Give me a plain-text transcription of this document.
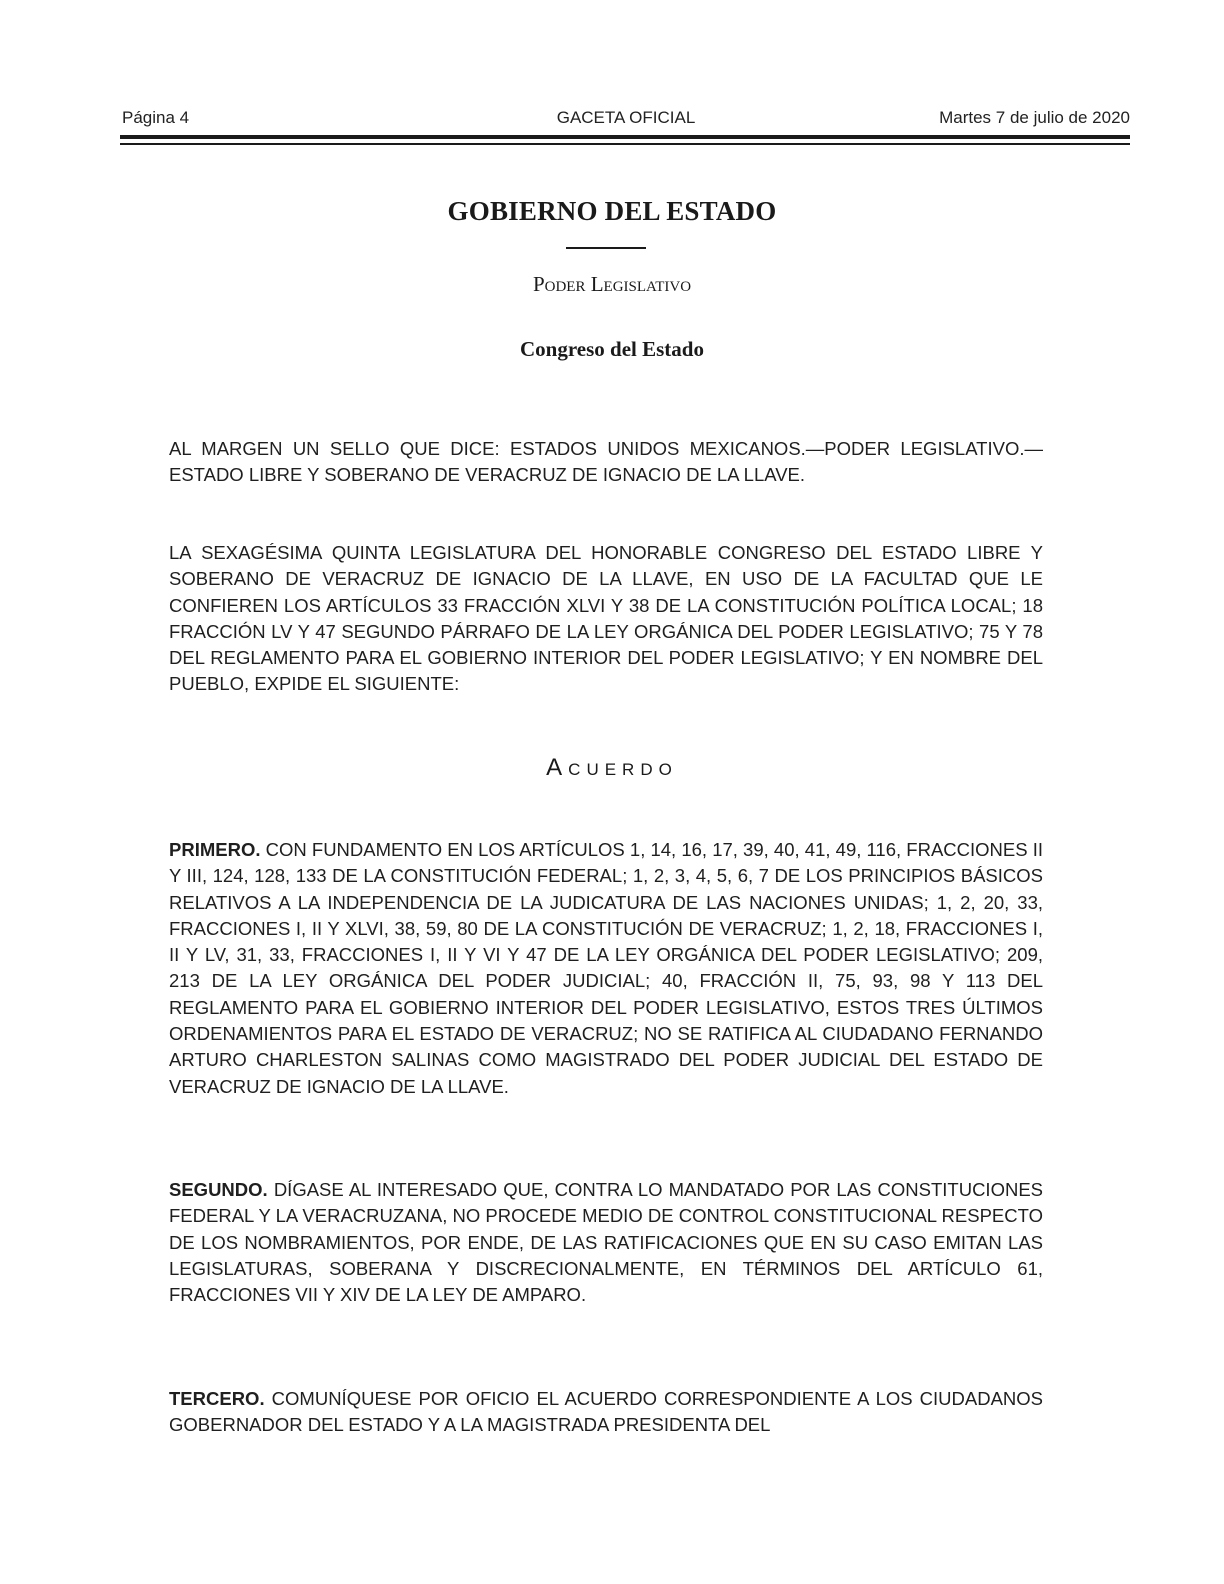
Página 4	GACETA OFICIAL	Martes 7 de julio de 2020
GOBIERNO DEL ESTADO
Poder Legislativo
Congreso del Estado
AL MARGEN UN SELLO QUE DICE: ESTADOS UNIDOS MEXICANOS.—PODER LEGISLATIVO.—ESTADO LIBRE Y SOBERANO DE VERACRUZ DE IGNACIO DE LA LLAVE.
LA SEXAGÉSIMA QUINTA LEGISLATURA DEL HONORABLE CONGRESO DEL ESTADO LIBRE Y SOBERANO DE VERACRUZ DE IGNACIO DE LA LLAVE, EN USO DE LA FACULTAD QUE LE CONFIEREN LOS ARTÍCULOS 33 FRACCIÓN XLVI Y 38 DE LA CONSTITUCIÓN POLÍTICA LOCAL; 18 FRACCIÓN LV Y 47 SEGUNDO PÁRRAFO DE LA LEY ORGÁNICA DEL PODER LEGISLATIVO; 75 Y 78 DEL REGLAMENTO PARA EL GOBIERNO INTERIOR DEL PODER LEGISLATIVO; Y EN NOMBRE DEL PUEBLO, EXPIDE EL SIGUIENTE:
Acuerdo
PRIMERO. CON FUNDAMENTO EN LOS ARTÍCULOS 1, 14, 16, 17, 39, 40, 41, 49, 116, FRACCIONES II Y III, 124, 128, 133 DE LA CONSTITUCIÓN FEDERAL; 1, 2, 3, 4, 5, 6, 7 DE LOS PRINCIPIOS BÁSICOS RELATIVOS A LA INDEPENDENCIA DE LA JUDICATURA DE LAS NACIONES UNIDAS; 1, 2, 20, 33, FRACCIONES I, II Y XLVI, 38, 59, 80 DE LA CONSTITUCIÓN DE VERACRUZ; 1, 2, 18, FRACCIONES I, II Y LV, 31, 33, FRACCIONES I, II Y VI Y 47 DE LA LEY ORGÁNICA DEL PODER LEGISLATIVO; 209, 213 DE LA LEY ORGÁNICA DEL PODER JUDICIAL; 40, FRACCIÓN II, 75, 93, 98 Y 113 DEL REGLAMENTO PARA EL GOBIERNO INTERIOR DEL PODER LEGISLATIVO, ESTOS TRES ÚLTIMOS ORDENAMIENTOS PARA EL ESTADO DE VERACRUZ; NO SE RATIFICA AL CIUDADANO FERNANDO ARTURO CHARLESTON SALINAS COMO MAGISTRADO DEL PODER JUDICIAL DEL ESTADO DE VERACRUZ DE IGNACIO DE LA LLAVE.
SEGUNDO. DÍGASE AL INTERESADO QUE, CONTRA LO MANDATADO POR LAS CONSTITUCIONES FEDERAL Y LA VERACRUZANA, NO PROCEDE MEDIO DE CONTROL CONSTITUCIONAL RESPECTO DE LOS NOMBRAMIENTOS, POR ENDE, DE LAS RATIFICACIONES QUE EN SU CASO EMITAN LAS LEGISLATURAS, SOBERANA Y DISCRECIONALMENTE, EN TÉRMINOS DEL ARTÍCULO 61, FRACCIONES VII Y XIV DE LA LEY DE AMPARO.
TERCERO. COMUNÍQUESE POR OFICIO EL ACUERDO CORRESPONDIENTE A LOS CIUDADANOS GOBERNADOR DEL ESTADO Y A LA MAGISTRADA PRESIDENTA DEL
